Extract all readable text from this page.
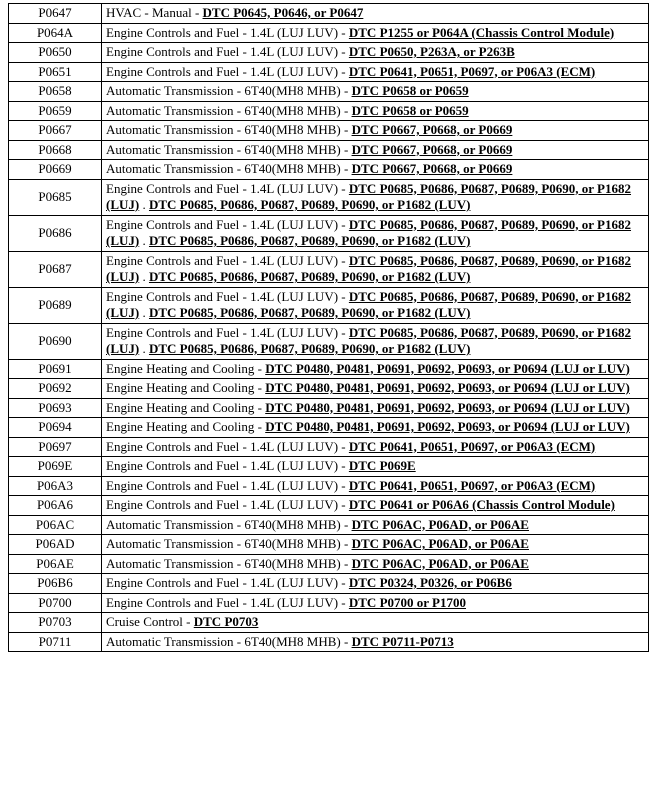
P0647	HVAC - Manual - DTC P0645, P0646, or P0647
P064A	Engine Controls and Fuel - 1.4L (LUJ LUV) - DTC P1255 or P064A (Chassis Control Module)
P0650	Engine Controls and Fuel - 1.4L (LUJ LUV) - DTC P0650, P263A, or P263B
P0651	Engine Controls and Fuel - 1.4L (LUJ LUV) - DTC P0641, P0651, P0697, or P06A3 (ECM)
P0658	Automatic Transmission - 6T40(MH8 MHB) - DTC P0658 or P0659
P0659	Automatic Transmission - 6T40(MH8 MHB) - DTC P0658 or P0659
P0667	Automatic Transmission - 6T40(MH8 MHB) - DTC P0667, P0668, or P0669
P0668	Automatic Transmission - 6T40(MH8 MHB) - DTC P0667, P0668, or P0669
P0669	Automatic Transmission - 6T40(MH8 MHB) - DTC P0667, P0668, or P0669
P0685	Engine Controls and Fuel - 1.4L (LUJ LUV) - DTC P0685, P0686, P0687, P0689, P0690, or P1682 (LUJ) . DTC P0685, P0686, P0687, P0689, P0690, or P1682 (LUV)
P0686	Engine Controls and Fuel - 1.4L (LUJ LUV) - DTC P0685, P0686, P0687, P0689, P0690, or P1682 (LUJ) . DTC P0685, P0686, P0687, P0689, P0690, or P1682 (LUV)
P0687	Engine Controls and Fuel - 1.4L (LUJ LUV) - DTC P0685, P0686, P0687, P0689, P0690, or P1682 (LUJ) . DTC P0685, P0686, P0687, P0689, P0690, or P1682 (LUV)
P0689	Engine Controls and Fuel - 1.4L (LUJ LUV) - DTC P0685, P0686, P0687, P0689, P0690, or P1682 (LUJ) . DTC P0685, P0686, P0687, P0689, P0690, or P1682 (LUV)
P0690	Engine Controls and Fuel - 1.4L (LUJ LUV) - DTC P0685, P0686, P0687, P0689, P0690, or P1682 (LUJ) . DTC P0685, P0686, P0687, P0689, P0690, or P1682 (LUV)
P0691	Engine Heating and Cooling - DTC P0480, P0481, P0691, P0692, P0693, or P0694 (LUJ or LUV)
P0692	Engine Heating and Cooling - DTC P0480, P0481, P0691, P0692, P0693, or P0694 (LUJ or LUV)
P0693	Engine Heating and Cooling - DTC P0480, P0481, P0691, P0692, P0693, or P0694 (LUJ or LUV)
P0694	Engine Heating and Cooling - DTC P0480, P0481, P0691, P0692, P0693, or P0694 (LUJ or LUV)
P0697	Engine Controls and Fuel - 1.4L (LUJ LUV) - DTC P0641, P0651, P0697, or P06A3 (ECM)
P069E	Engine Controls and Fuel - 1.4L (LUJ LUV) - DTC P069E
P06A3	Engine Controls and Fuel - 1.4L (LUJ LUV) - DTC P0641, P0651, P0697, or P06A3 (ECM)
P06A6	Engine Controls and Fuel - 1.4L (LUJ LUV) - DTC P0641 or P06A6 (Chassis Control Module)
P06AC	Automatic Transmission - 6T40(MH8 MHB) - DTC P06AC, P06AD, or P06AE
P06AD	Automatic Transmission - 6T40(MH8 MHB) - DTC P06AC, P06AD, or P06AE
P06AE	Automatic Transmission - 6T40(MH8 MHB) - DTC P06AC, P06AD, or P06AE
P06B6	Engine Controls and Fuel - 1.4L (LUJ LUV) - DTC P0324, P0326, or P06B6
P0700	Engine Controls and Fuel - 1.4L (LUJ LUV) - DTC P0700 or P1700
P0703	Cruise Control - DTC P0703
P0711	Automatic Transmission - 6T40(MH8 MHB) - DTC P0711-P0713
